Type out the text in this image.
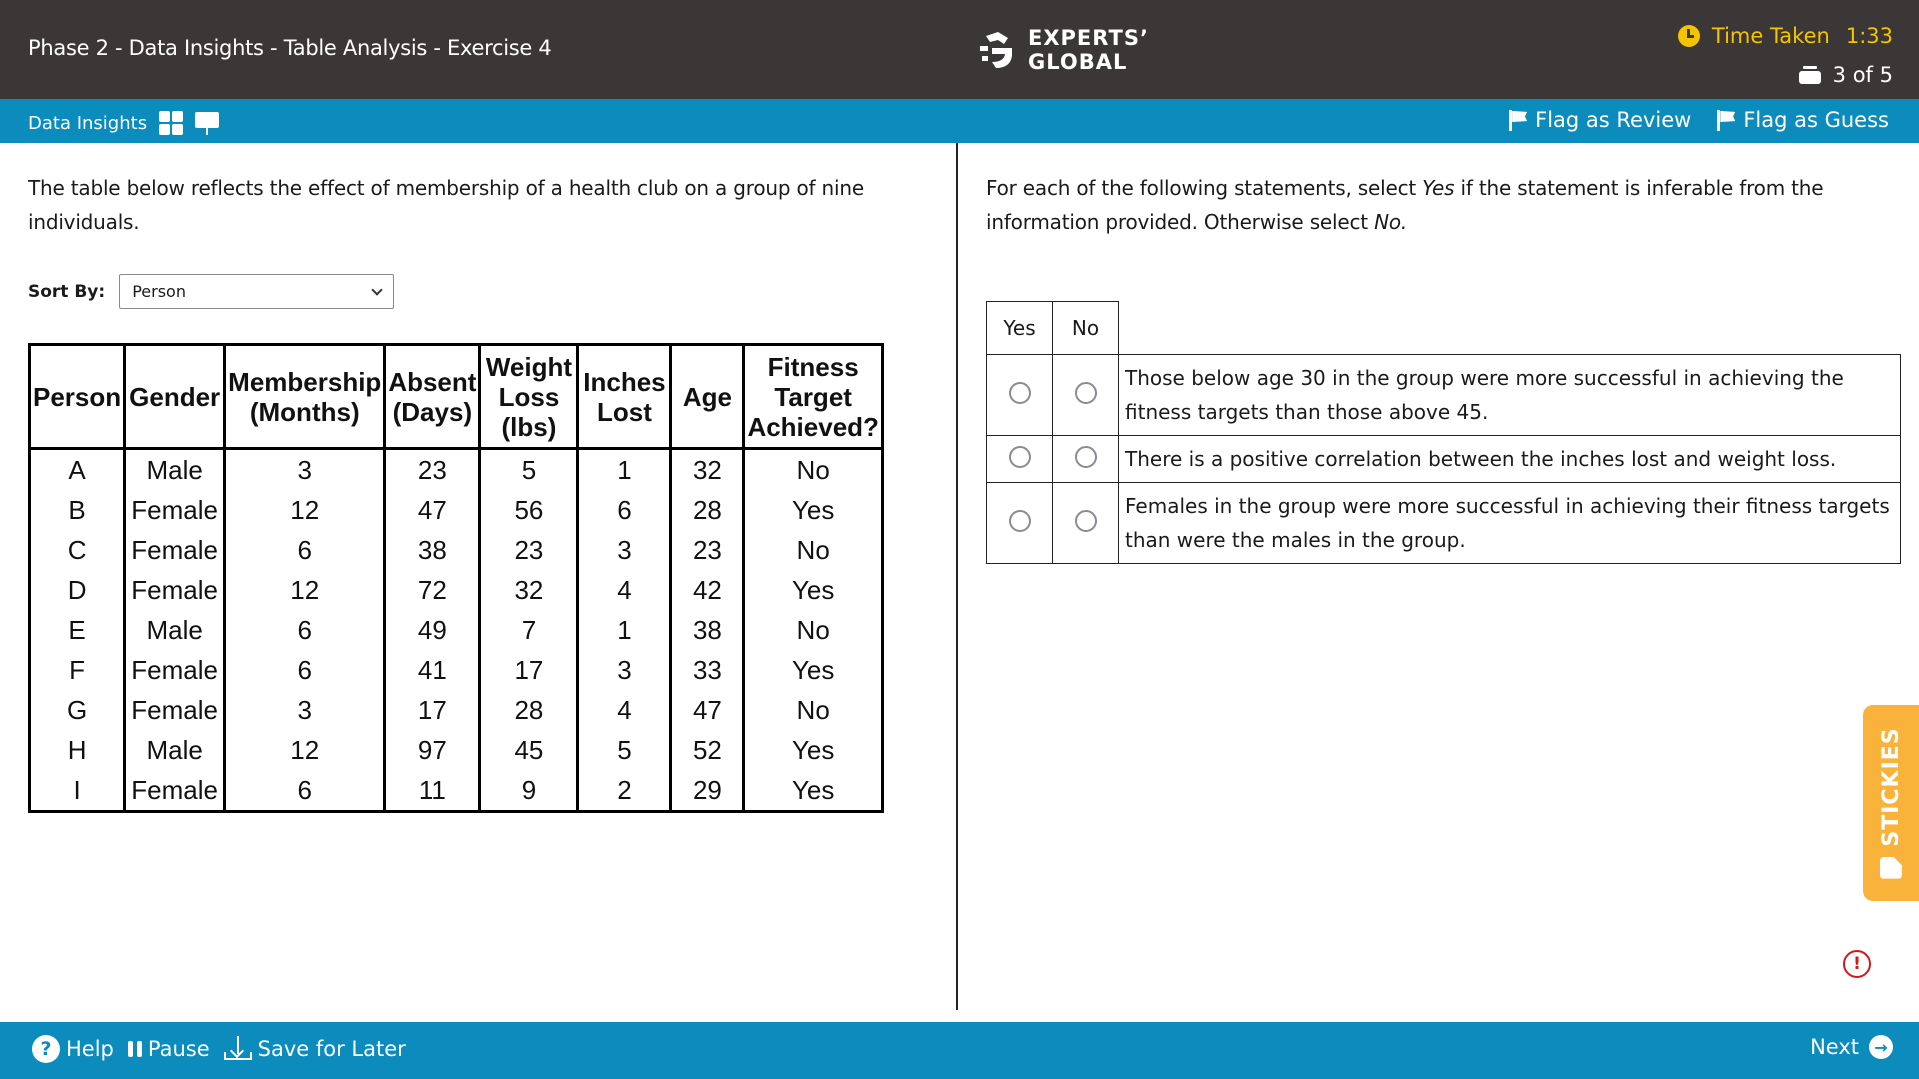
Phase 2 - Data Insights - Table Analysis - Exercise 4	EXPERTS’
GLOBAL
Time Taken 1:33
3 of 5
Data Insights	Flag as Review Flag as Guess

The table below reflects the effect of membership of a health club on a group of nine individuals.

Sort By: Person
Person	Gender	Membership (Months)	Absent (Days)	Weight Loss (lbs)	Inches Lost	Age	Fitness Target Achieved?
A	Male	3	23	5	1	32	No
B	Female	12	47	56	6	28	Yes
C	Female	6	38	23	3	23	No
D	Female	12	72	32	4	42	Yes
E	Male	6	49	7	1	38	No
F	Female	6	41	17	3	33	Yes
G	Female	3	17	28	4	47	No
H	Male	12	97	45	5	52	Yes
I	Female	6	11	9	2	29	Yes

For each of the following statements, select Yes if the statement is inferable from the information provided. Otherwise select No.

Yes	No	
		Those below age 30 in the group were more successful in achieving the fitness targets than those above 45.
		There is a positive correlation between the inches lost and weight loss.
		Females in the group were more successful in achieving their fitness targets than were the males in the group.
STICKIES
!
? Help Pause Save for Later	Next →
